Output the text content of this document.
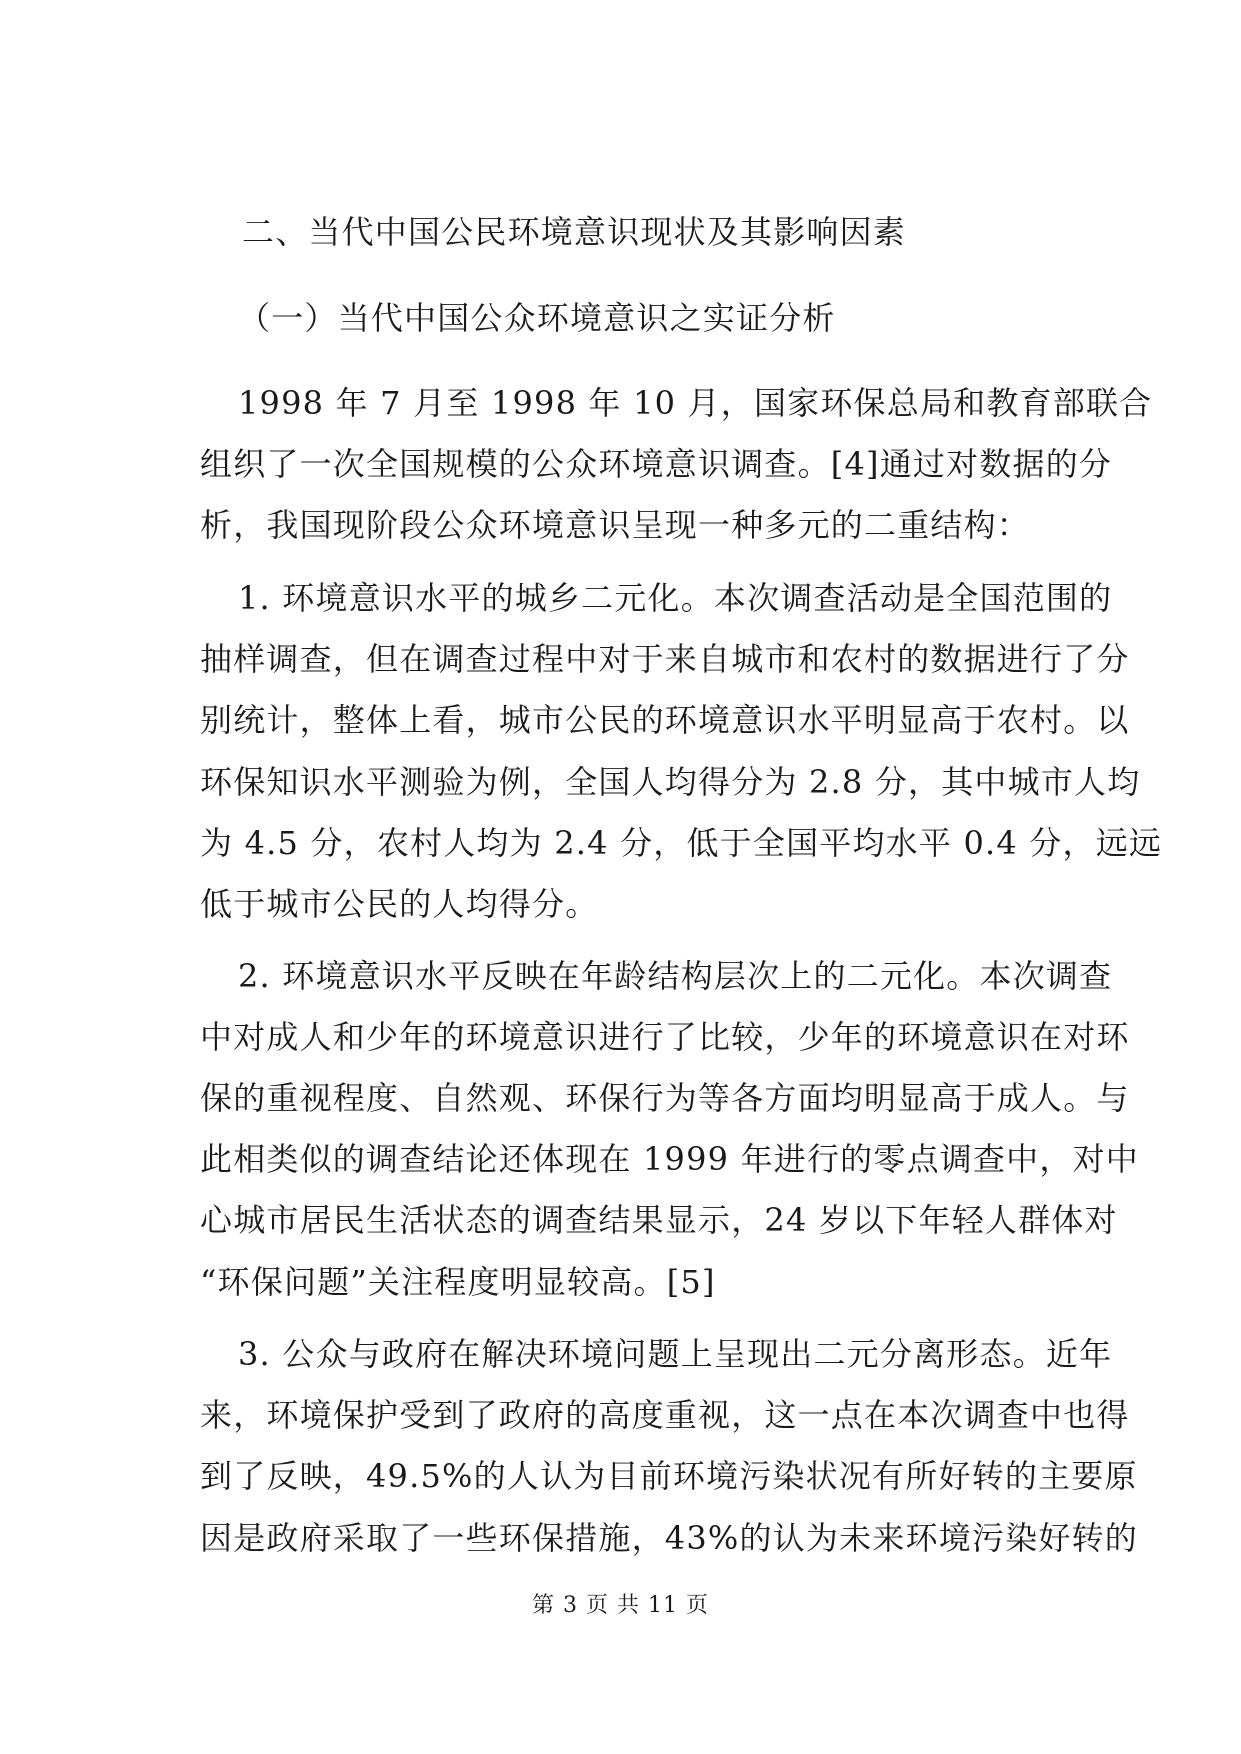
二、当代中国公民环境意识现状及其影响因素
（一）当代中国公众环境意识之实证分析
1998 年 7 月至 1998 年 10 月，国家环保总局和教育部联合
组织了一次全国规模的公众环境意识调查。[4]通过对数据的分
析，我国现阶段公众环境意识呈现一种多元的二重结构：
1. 环境意识水平的城乡二元化。本次调查活动是全国范围的
抽样调查，但在调查过程中对于来自城市和农村的数据进行了分
别统计，整体上看，城市公民的环境意识水平明显高于农村。以
环保知识水平测验为例，全国人均得分为 2.8 分，其中城市人均
为 4.5 分，农村人均为 2.4 分，低于全国平均水平 0.4 分，远远
低于城市公民的人均得分。
2. 环境意识水平反映在年龄结构层次上的二元化。本次调查
中对成人和少年的环境意识进行了比较，少年的环境意识在对环
保的重视程度、自然观、环保行为等各方面均明显高于成人。与
此相类似的调查结论还体现在 1999 年进行的零点调查中，对中
心城市居民生活状态的调查结果显示，24 岁以下年轻人群体对
“环保问题”关注程度明显较高。[5]
3. 公众与政府在解决环境问题上呈现出二元分离形态。近年
来，环境保护受到了政府的高度重视，这一点在本次调查中也得
到了反映，49.5%的人认为目前环境污染状况有所好转的主要原
因是政府采取了一些环保措施，43%的认为未来环境污染好转的
第 3 页 共 11 页
